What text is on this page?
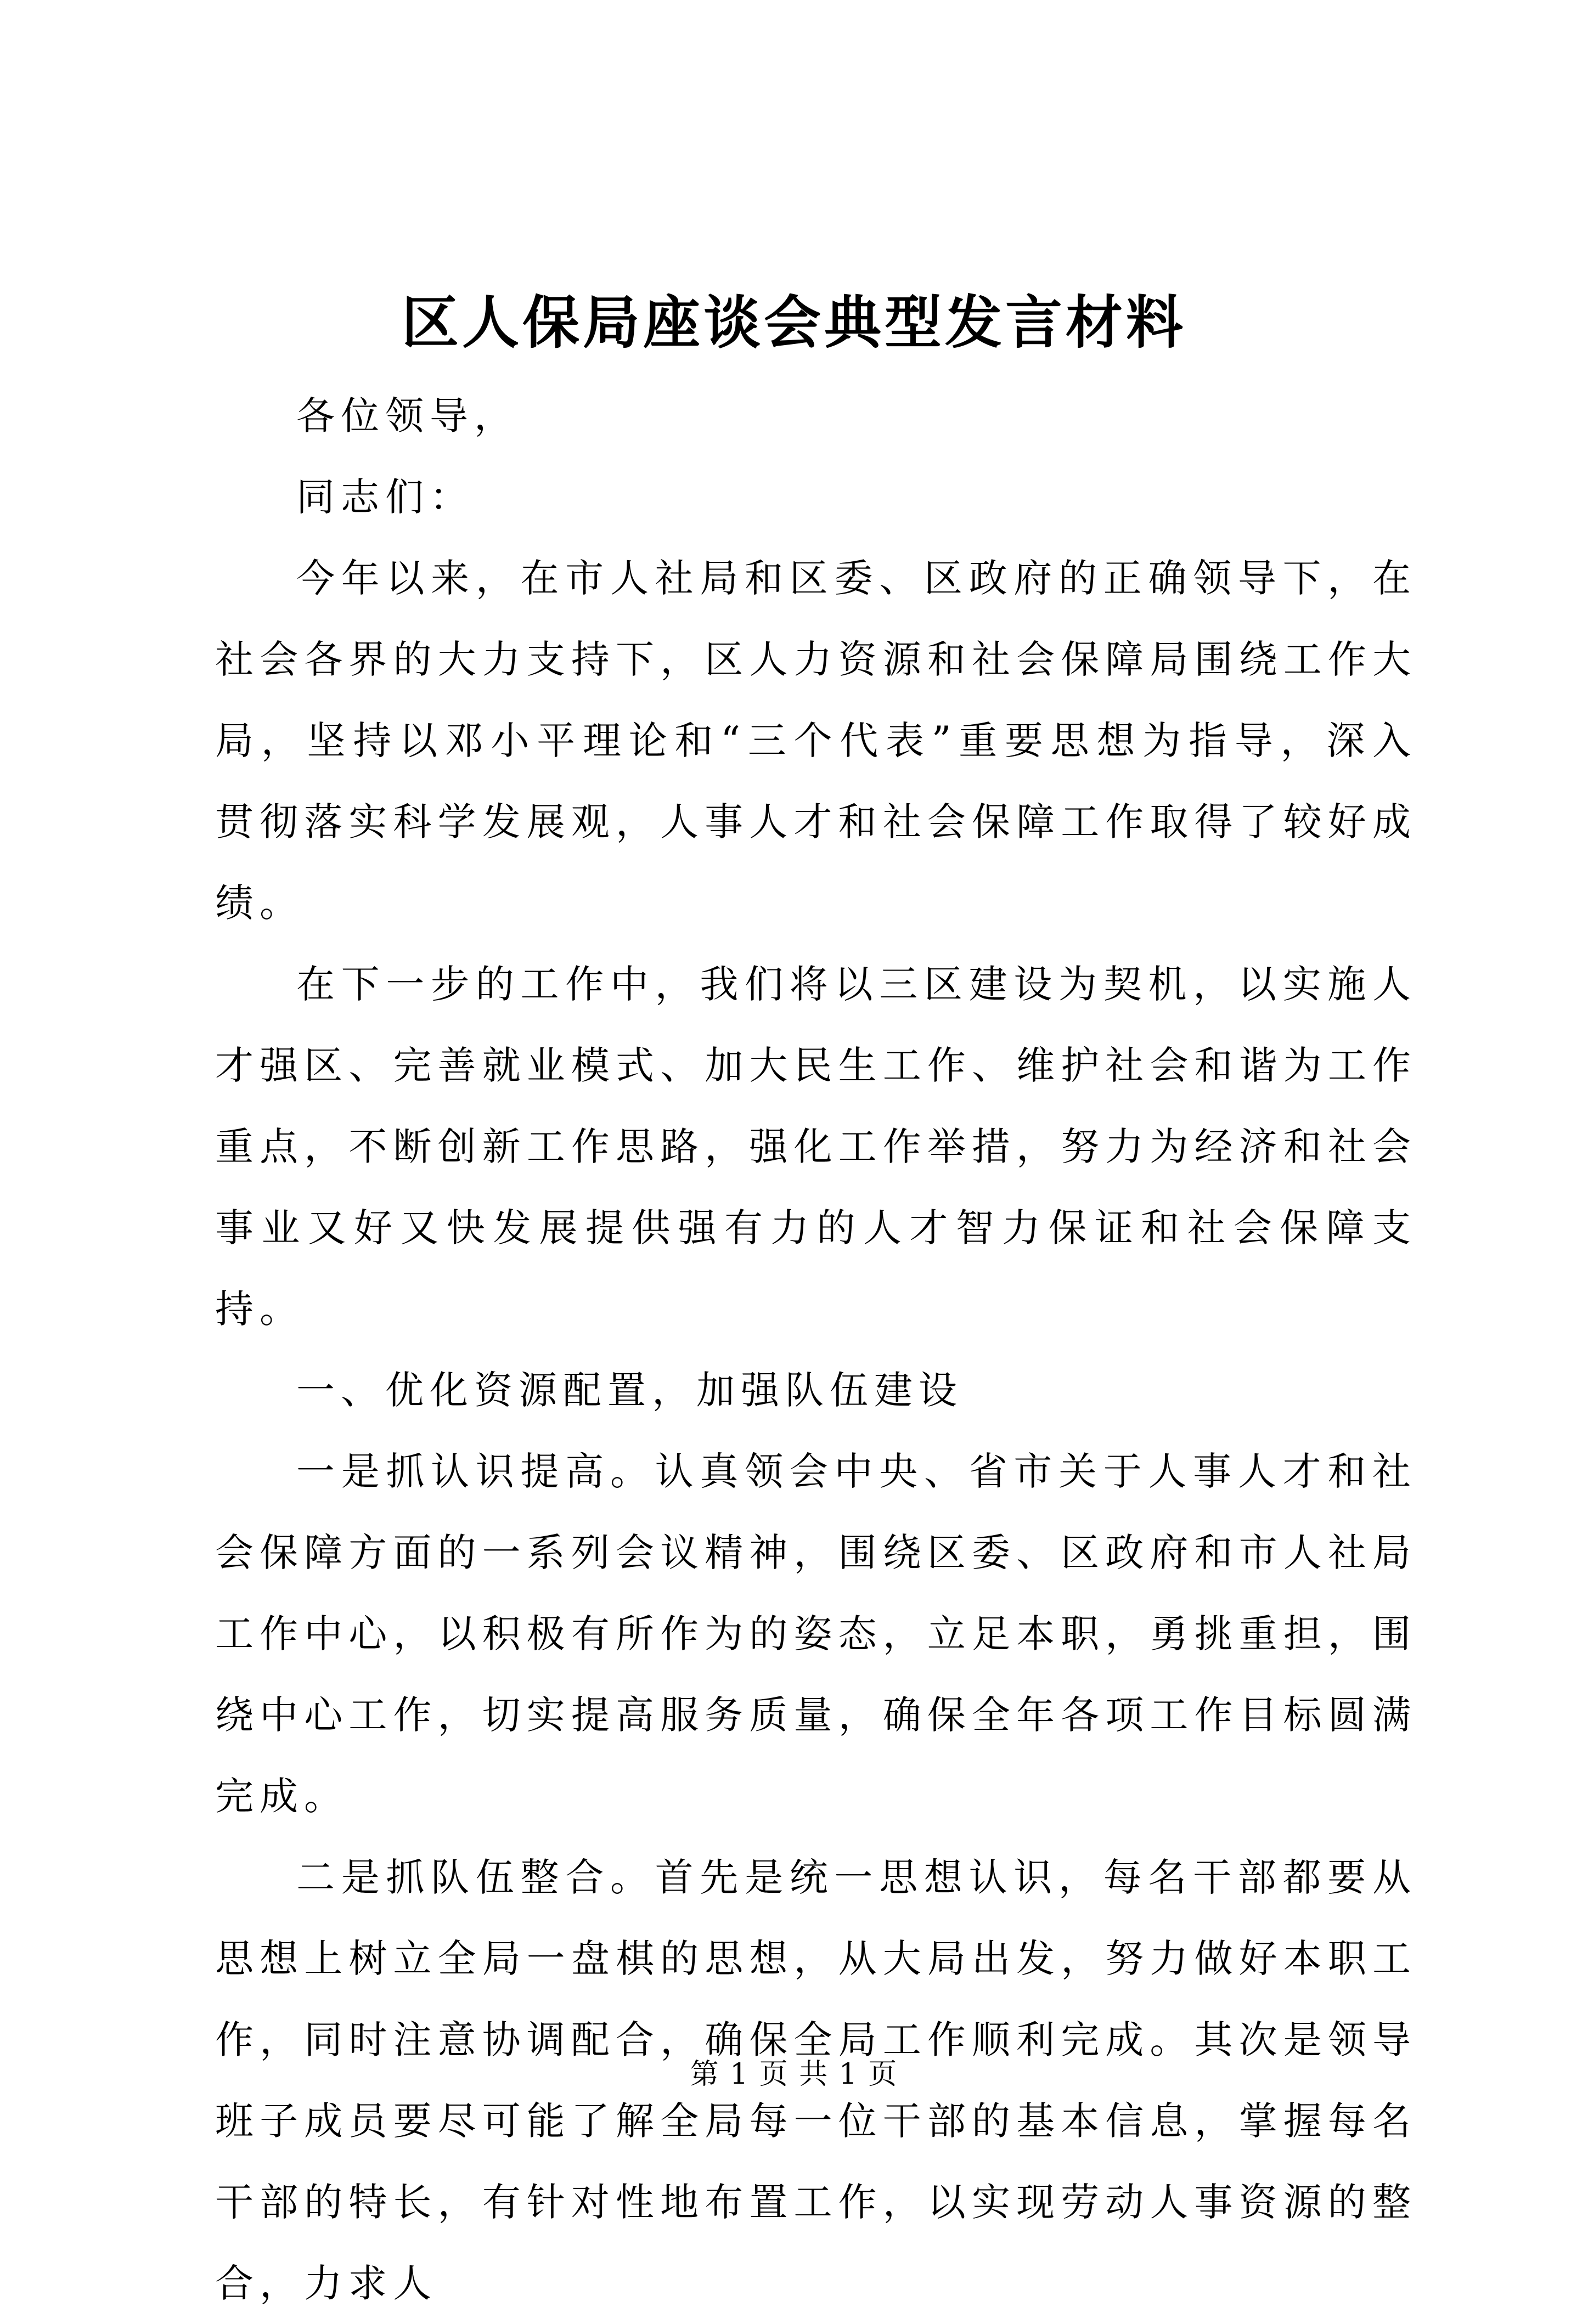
区人保局座谈会典型发言材料

各位领导，

同志们：

今年以来，在市人社局和区委、区政府的正确领导下，在社会各界的大力支持下，区人力资源和社会保障局围绕工作大局，坚持以邓小平理论和“三个代表”重要思想为指导，深入贯彻落实科学发展观，人事人才和社会保障工作取得了较好成绩。

在下一步的工作中，我们将以三区建设为契机，以实施人才强区、完善就业模式、加大民生工作、维护社会和谐为工作重点，不断创新工作思路，强化工作举措，努力为经济和社会事业又好又快发展提供强有力的人才智力保证和社会保障支持。

一、优化资源配置，加强队伍建设

一是抓认识提高。认真领会中央、省市关于人事人才和社会保障方面的一系列会议精神，围绕区委、区政府和市人社局工作中心，以积极有所作为的姿态，立足本职，勇挑重担，围绕中心工作，切实提高服务质量，确保全年各项工作目标圆满完成。

二是抓队伍整合。首先是统一思想认识，每名干部都要从思想上树立全局一盘棋的思想，从大局出发，努力做好本职工作，同时注意协调配合，确保全局工作顺利完成。其次是领导班子成员要尽可能了解全局每一位干部的基本信息，掌握每名干部的特长，有针对性地布置工作，以实现劳动人事资源的整合，力求人

第 1 页 共 1 页
